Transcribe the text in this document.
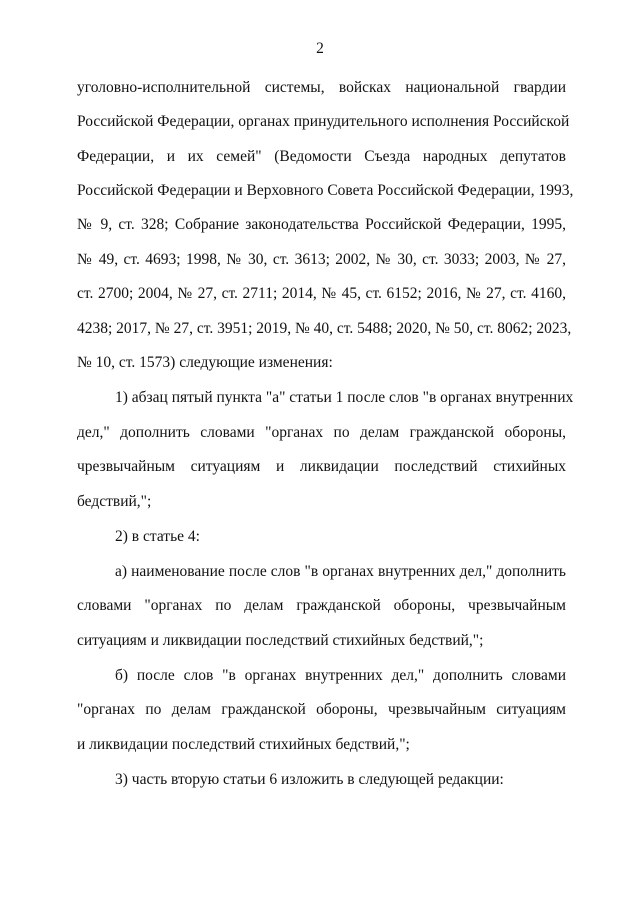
2
уголовно-исполнительной системы, войсках национальной гвардии
Российской Федерации, органах принудительного исполнения Российской
Федерации, и их семей" (Ведомости Съезда народных депутатов
Российской Федерации и Верховного Совета Российской Федерации, 1993,
№ 9, ст. 328; Собрание законодательства Российской Федерации, 1995,
№ 49, ст. 4693; 1998, № 30, ст. 3613; 2002, № 30, ст. 3033; 2003, № 27,
ст. 2700; 2004, № 27, ст. 2711; 2014, № 45, ст. 6152; 2016, № 27, ст. 4160,
4238; 2017, № 27, ст. 3951; 2019, № 40, ст. 5488; 2020, № 50, ст. 8062; 2023,
№ 10, ст. 1573) следующие изменения:
1) абзац пятый пункта "а" статьи 1 после слов "в органах внутренних
дел," дополнить словами "органах по делам гражданской обороны,
чрезвычайным ситуациям и ликвидации последствий стихийных
бедствий,";
2) в статье 4:
а) наименование после слов "в органах внутренних дел," дополнить
словами "органах по делам гражданской обороны, чрезвычайным
ситуациям и ликвидации последствий стихийных бедствий,";
б) после слов "в органах внутренних дел," дополнить словами
"органах по делам гражданской обороны, чрезвычайным ситуациям
и ликвидации последствий стихийных бедствий,";
3) часть вторую статьи 6 изложить в следующей редакции:
